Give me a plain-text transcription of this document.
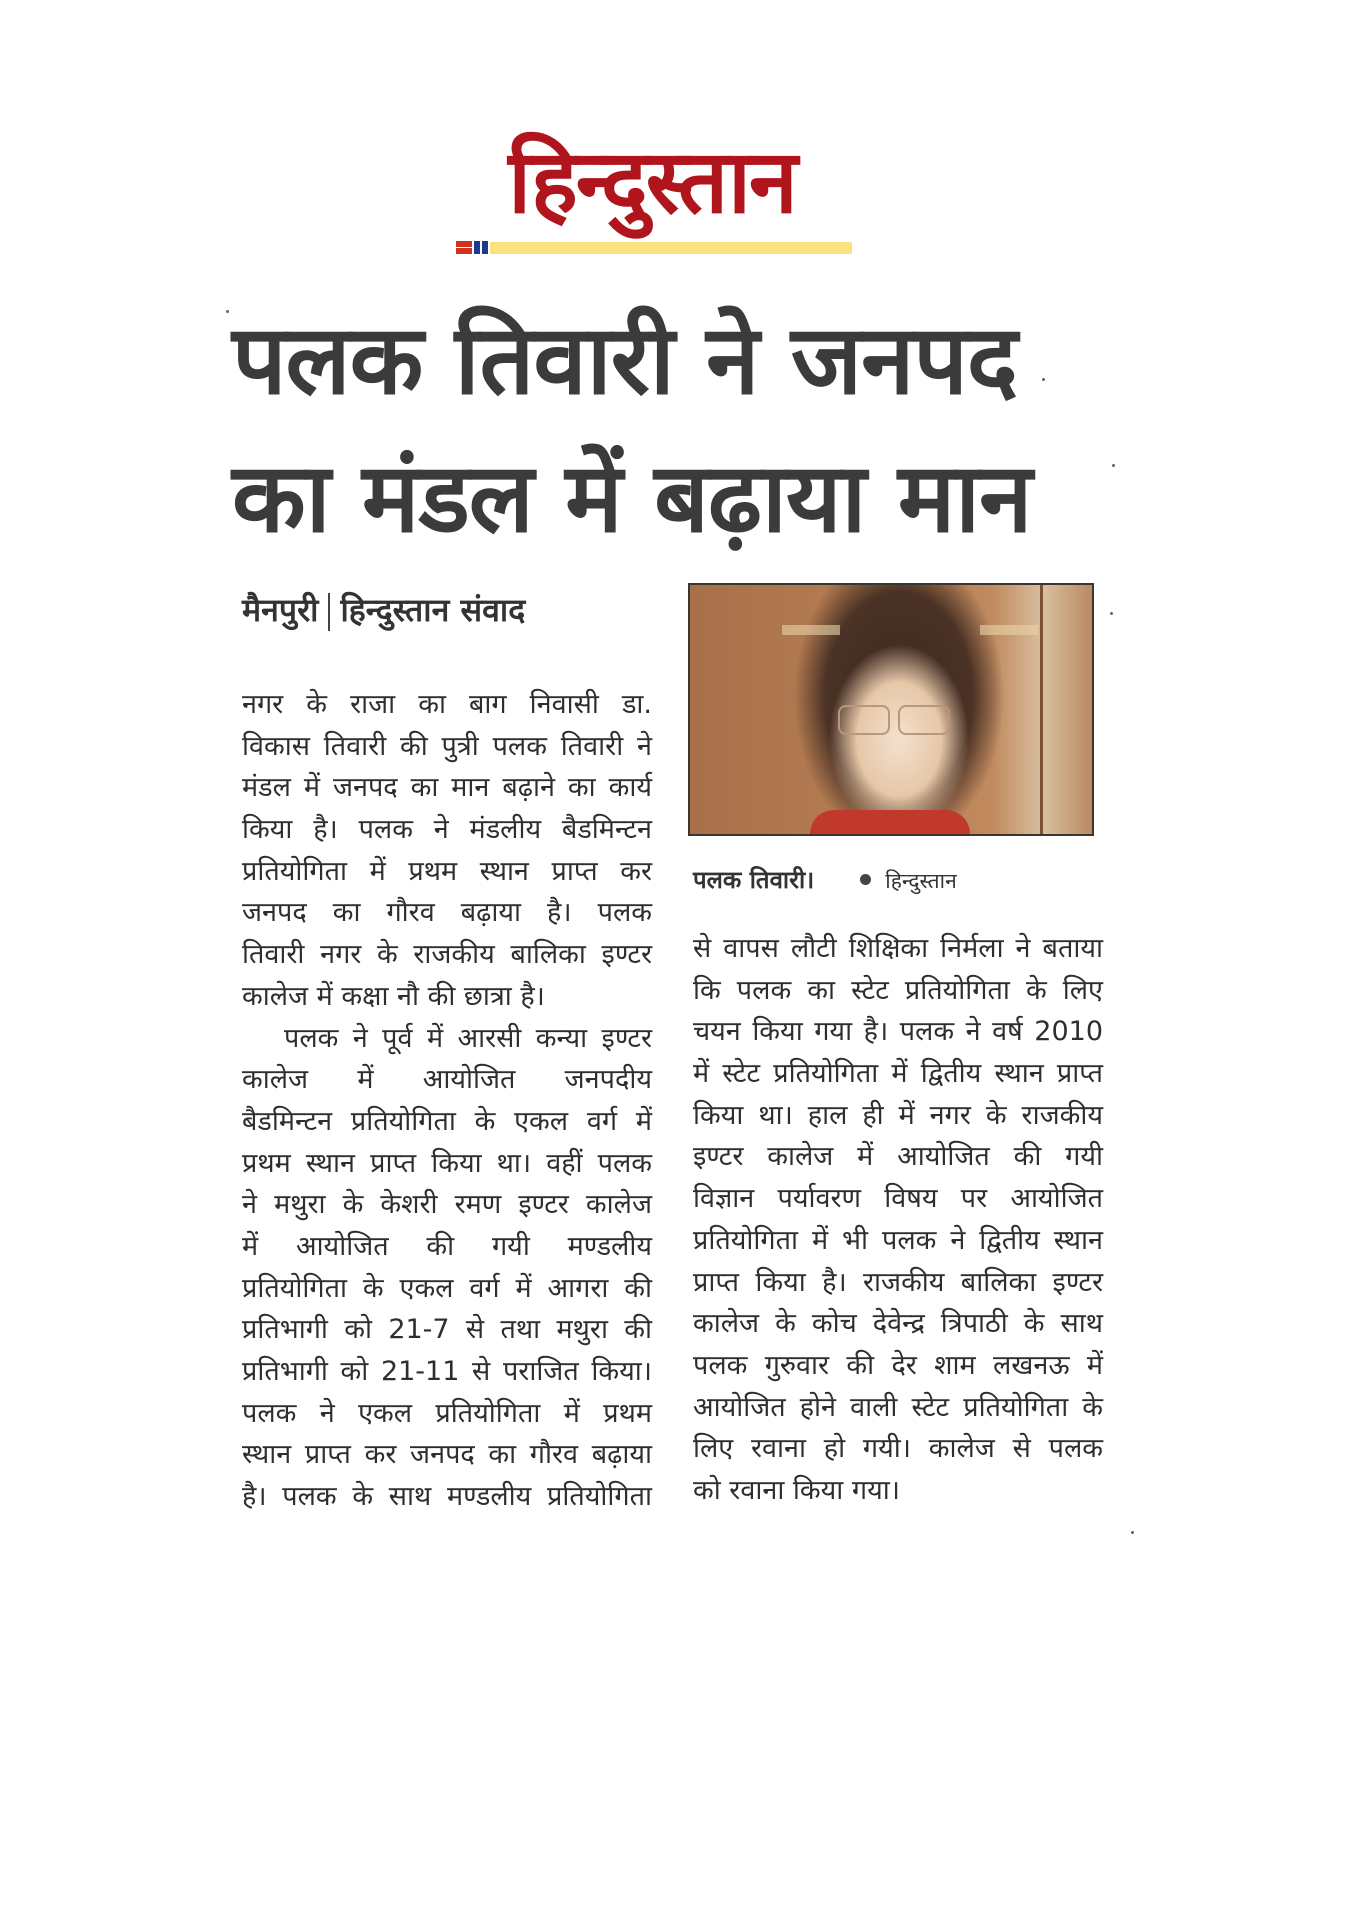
हिन्दुस्तान
पलक तिवारी ने जनपद
का मंडल में बढ़ाया मान
मैनपुरी हिन्दुस्तान संवाद
नगर के राजा का बाग निवासी डा.
विकास तिवारी की पुत्री पलक तिवारी ने
मंडल में जनपद का मान बढ़ाने का कार्य
किया है। पलक ने मंडलीय बैडमिन्टन
प्रतियोगिता में प्रथम स्थान प्राप्त कर
जनपद का गौरव बढ़ाया है। पलक
तिवारी नगर के राजकीय बालिका इण्टर
कालेज में कक्षा नौ की छात्रा है।
पलक ने पूर्व में आरसी कन्या इण्टर
कालेज में आयोजित जनपदीय
बैडमिन्टन प्रतियोगिता के एकल वर्ग में
प्रथम स्थान प्राप्त किया था। वहीं पलक
ने मथुरा के केशरी रमण इण्टर कालेज
में आयोजित की गयी मण्डलीय
प्रतियोगिता के एकल वर्ग में आगरा की
प्रतिभागी को 21-7 से तथा मथुरा की
प्रतिभागी को 21-11 से पराजित किया।
पलक ने एकल प्रतियोगिता में प्रथम
स्थान प्राप्त कर जनपद का गौरव बढ़ाया
है। पलक के साथ मण्डलीय प्रतियोगिता
पलक तिवारी।	हिन्दुस्तान
से वापस लौटी शिक्षिका निर्मला ने बताया
कि पलक का स्टेट प्रतियोगिता के लिए
चयन किया गया है। पलक ने वर्ष 2010
में स्टेट प्रतियोगिता में द्वितीय स्थान प्राप्त
किया था। हाल ही में नगर के राजकीय
इण्टर कालेज में आयोजित की गयी
विज्ञान पर्यावरण विषय पर आयोजित
प्रतियोगिता में भी पलक ने द्वितीय स्थान
प्राप्त किया है। राजकीय बालिका इण्टर
कालेज के कोच देवेन्द्र त्रिपाठी के साथ
पलक गुरुवार की देर शाम लखनऊ में
आयोजित होने वाली स्टेट प्रतियोगिता के
लिए रवाना हो गयी। कालेज से पलक
को रवाना किया गया।
